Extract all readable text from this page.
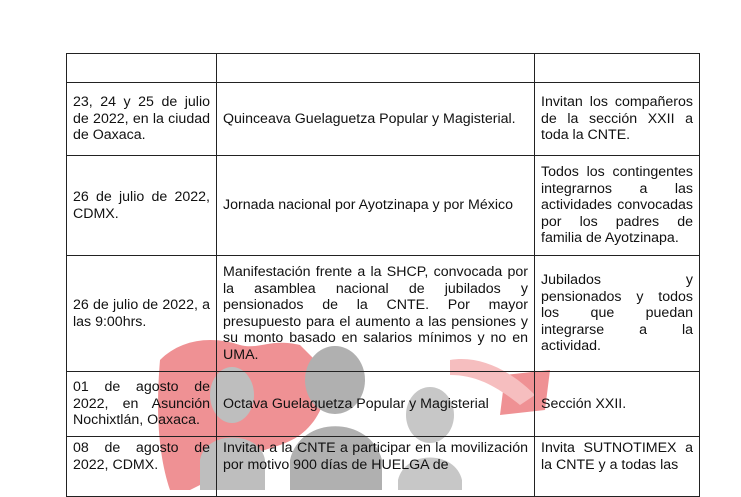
23, 24 y 25 de julio de 2022, en la ciudad de Oaxaca.	Quinceava Guelaguetza Popular y Magisterial.	Invitan los compañeros de la sección XXII a toda la CNTE.
26 de julio de 2022, CDMX.	Jornada nacional por Ayotzinapa y por México	Todos los contingentes integrarnos a las actividades convocadas por los padres de familia de Ayotzinapa.
26 de julio de 2022, a las 9:00hrs.	Manifestación frente a la SHCP, convocada por la asamblea nacional de jubilados y pensionados de la CNTE. Por mayor presupuesto para el aumento a las pensiones y su monto basado en salarios mínimos y no en UMA.	Jubilados y pensionados y todos los que puedan integrarse a la actividad.
01 de agosto de 2022, en Asunción Nochixtlán, Oaxaca.	Octava Guelaguetza Popular y Magisterial	Sección XXII.
08 de agosto de 2022, CDMX.	Invitan a la CNTE a participar en la movilización por motivo 900 días de HUELGA de	Invita SUTNOTIMEX a la CNTE y a todas las
